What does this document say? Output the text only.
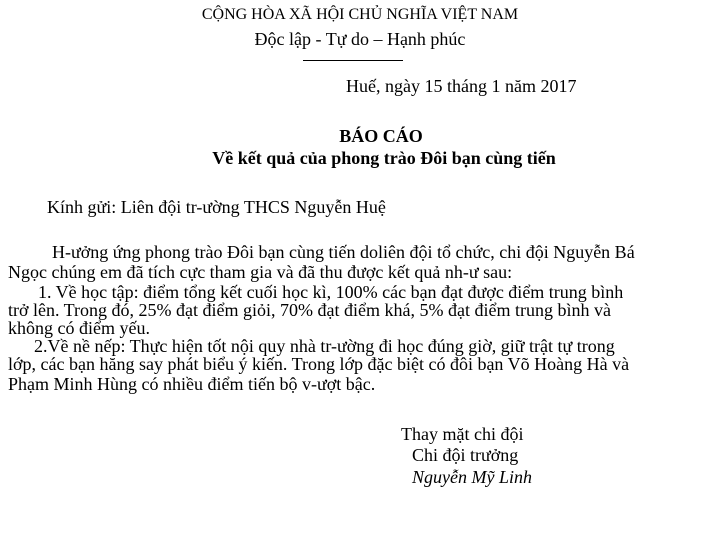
CỘNG HÒA XÃ HỘI CHỦ NGHĨA VIỆT NAM
Độc lập - Tự do – Hạnh phúc
Huế, ngày 15 tháng 1 năm 2017
BÁO CÁO
Về kết quả của phong trào Đôi bạn cùng tiến
Kính gửi: Liên đội tr-ường THCS Nguyễn Huệ
H-ưởng ứng phong trào Đôi bạn cùng tiến doliên đội tổ chức, chi đội Nguyễn Bá
Ngọc chúng em đã tích cực tham gia và đã thu được kết quả nh-ư sau:
1. Về học tập: điểm tổng kết cuối học kì, 100% các bạn đạt được điểm trung bình
trở lên. Trong đó, 25% đạt điểm giỏi, 70% đạt điểm khá, 5% đạt điểm trung bình và
không có điểm yếu.
2.Về nề nếp: Thực hiện tốt nội quy nhà tr-ường đi học đúng giờ, giữ trật tự trong
lớp, các bạn hăng say phát biểu ý kiến. Trong lớp đặc biệt có đôi bạn Võ Hoàng Hà và
Phạm Minh Hùng có nhiều điểm tiến bộ v-ượt bậc.
Thay mặt chi đội
Chi đội trưởng
Nguyễn Mỹ Linh
